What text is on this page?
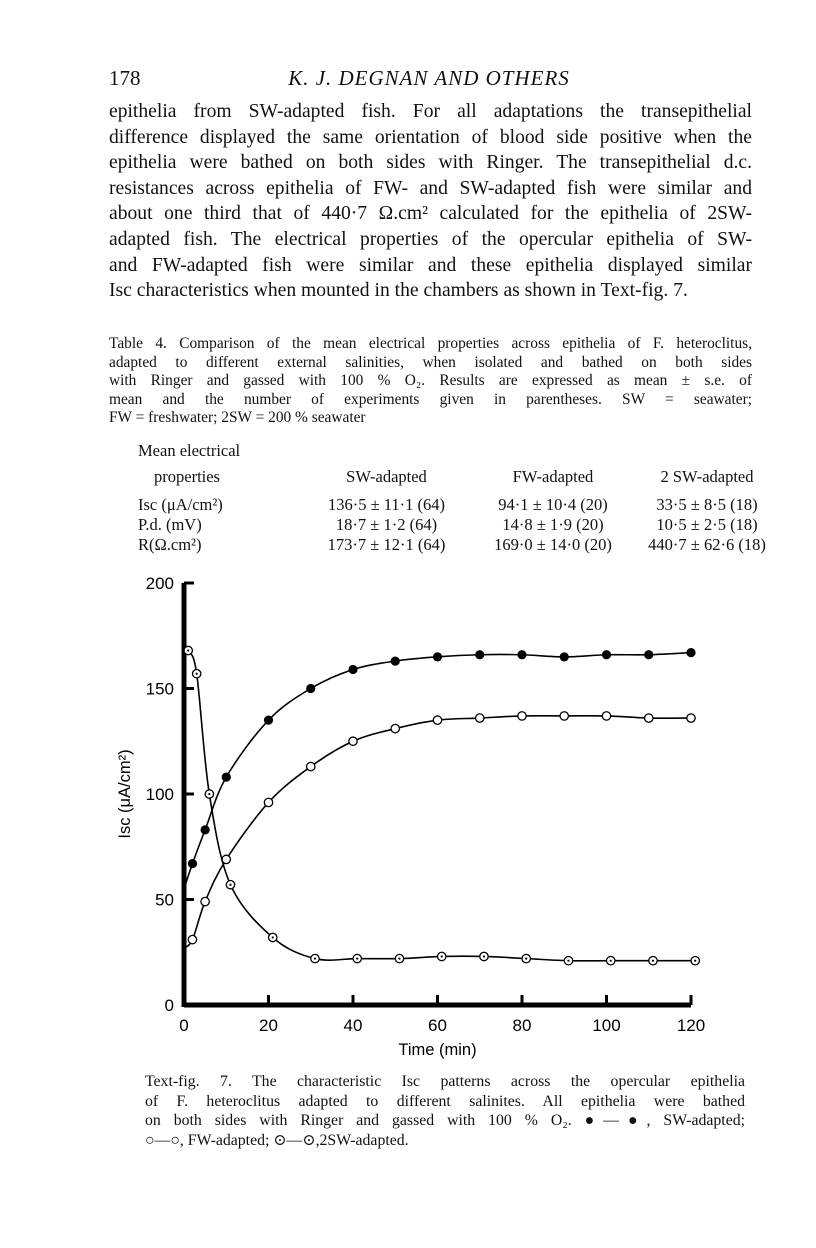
178	K. J. DEGNAN AND OTHERS
epithelia from SW-adapted fish. For all adaptations the transepithelial
difference displayed the same orientation of blood side positive when the
epithelia were bathed on both sides with Ringer. The transepithelial d.c.
resistances across epithelia of FW- and SW-adapted fish were similar and
about one third that of 440·7 Ω.cm² calculated for the epithelia of 2SW-
adapted fish. The electrical properties of the opercular epithelia of SW-
and FW-adapted fish were similar and these epithelia displayed similar
Isc characteristics when mounted in the chambers as shown in Text-fig. 7.
Table 4. Comparison of the mean electrical properties across epithelia of F. heteroclitus,
adapted to different external salinities, when isolated and bathed on both sides
with Ringer and gassed with 100 % O₂. Results are expressed as mean ± s.e. of
mean and the number of experiments given in parentheses. SW = seawater;
FW = freshwater; 2SW = 200 % seawater
Mean electrical			
properties	SW-adapted	FW-adapted	2 SW-adapted
Isc (μA/cm²)	136·5 ± 11·1 (64)	94·1 ± 10·4 (20)	33·5 ± 8·5 (18)
P.d. (mV)	18·7 ± 1·2 (64)	14·8 ± 1·9 (20)	10·5 ± 2·5 (18)
R(Ω.cm²)	173·7 ± 12·1 (64)	169·0 ± 14·0 (20)	440·7 ± 62·6 (18)
0	20	40	60	80	100	120
0
50
100
150
200
Time (min)
Isc (μA/cm²)
Text-fig. 7. The characteristic Isc patterns across the opercular epithelia
of F. heteroclitus adapted to different salinites. All epithelia were bathed
on both sides with Ringer and gassed with 100 % O₂. ●—●, SW-adapted;
○—○, FW-adapted; ⊙—⊙,2SW-adapted.
